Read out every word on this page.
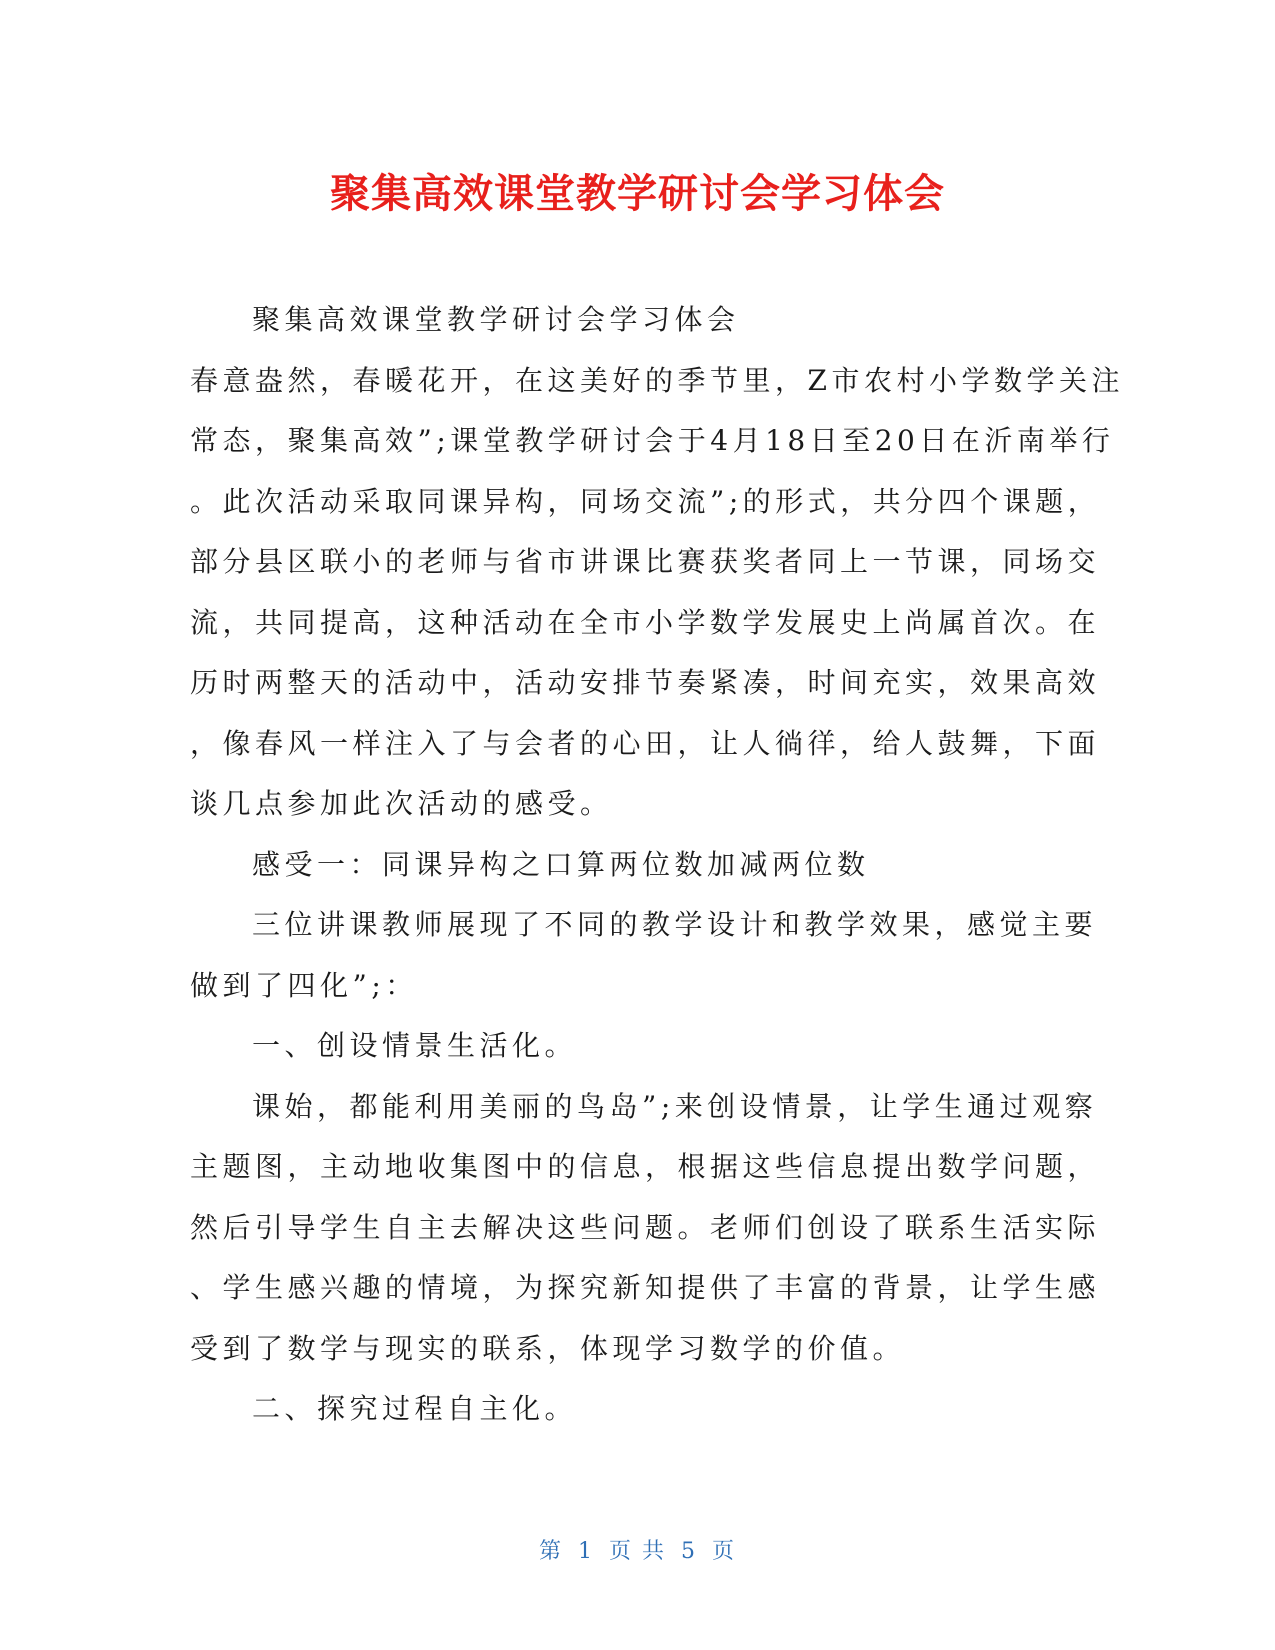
聚集高效课堂教学研讨会学习体会
聚集高效课堂教学研讨会学习体会
春意盎然，春暖花开，在这美好的季节里，Z市农村小学数学关注
常态，聚集高效”;课堂教学研讨会于4月18日至20日在沂南举行
。此次活动采取同课异构，同场交流”;的形式，共分四个课题，
部分县区联小的老师与省市讲课比赛获奖者同上一节课，同场交
流，共同提高，这种活动在全市小学数学发展史上尚属首次。在
历时两整天的活动中，活动安排节奏紧凑，时间充实，效果高效
，像春风一样注入了与会者的心田，让人徜徉，给人鼓舞，下面
谈几点参加此次活动的感受。
感受一：同课异构之口算两位数加减两位数
三位讲课教师展现了不同的教学设计和教学效果，感觉主要
做到了四化”;：
一、创设情景生活化。
课始，都能利用美丽的鸟岛”;来创设情景，让学生通过观察
主题图，主动地收集图中的信息，根据这些信息提出数学问题，
然后引导学生自主去解决这些问题。老师们创设了联系生活实际
、学生感兴趣的情境，为探究新知提供了丰富的背景，让学生感
受到了数学与现实的联系，体现学习数学的价值。
二、探究过程自主化。
第 1 页 共 5 页
